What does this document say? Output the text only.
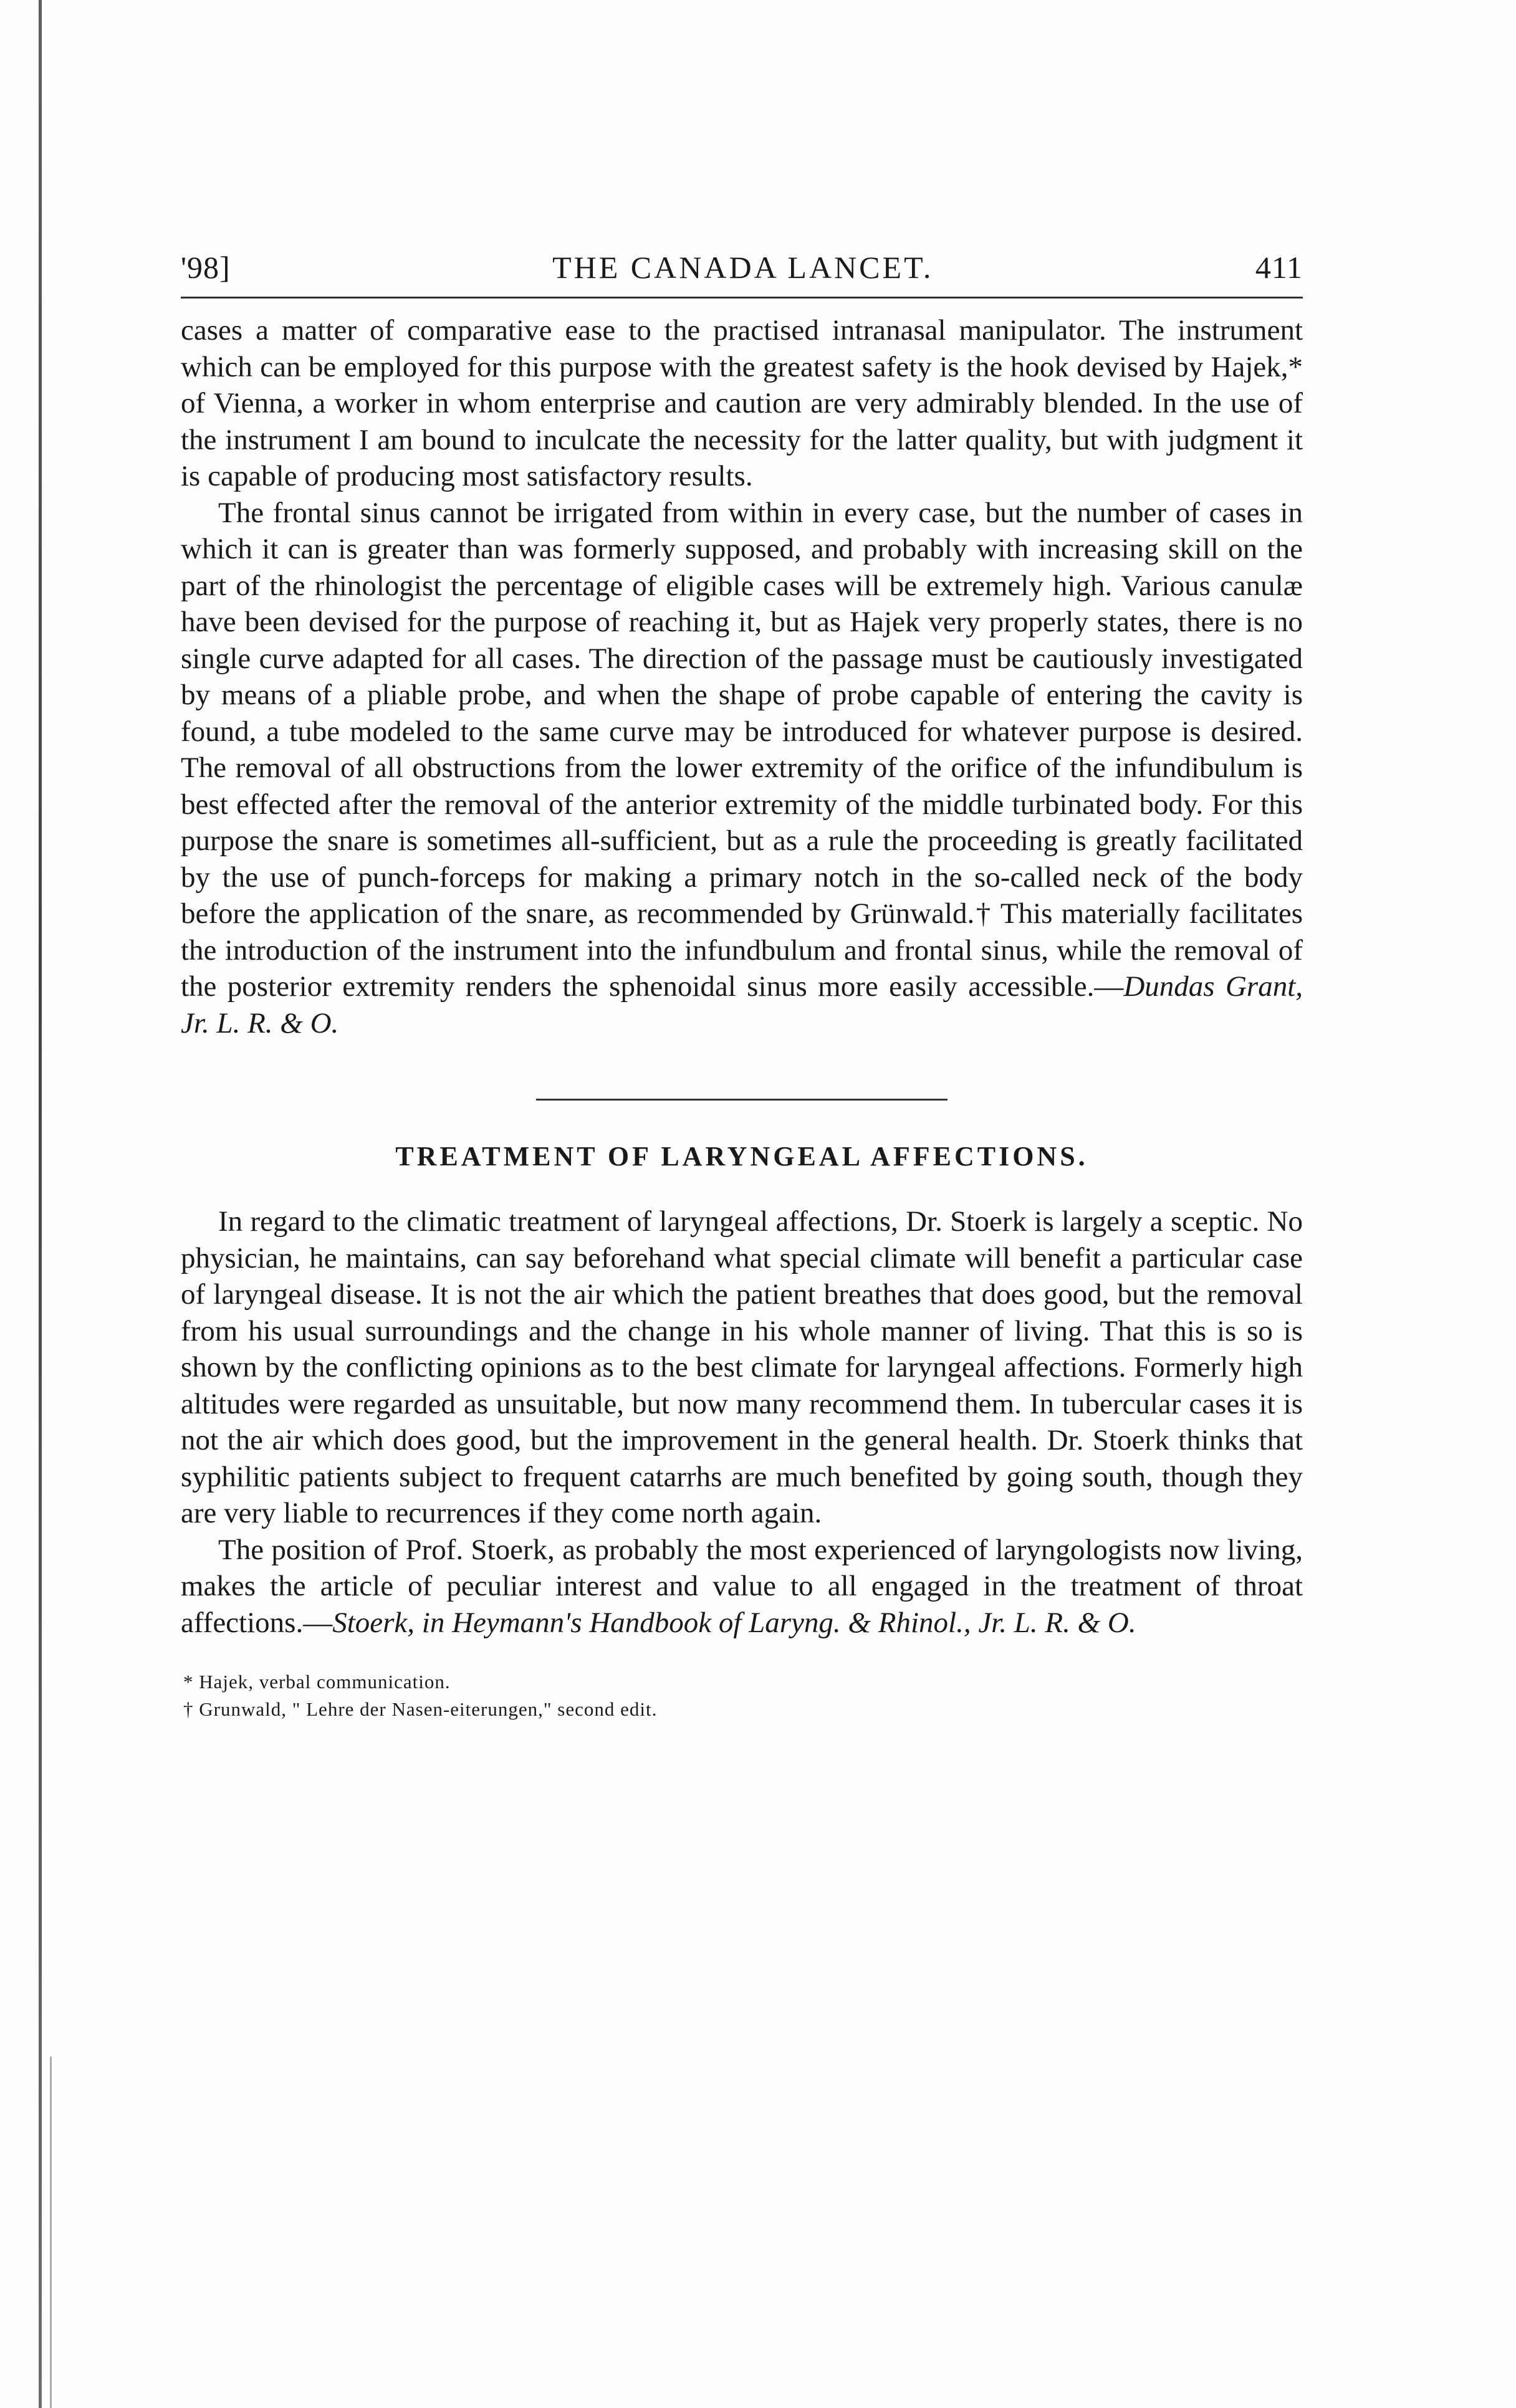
'98]	THE CANADA LANCET.	411

cases a matter of comparative ease to the practised intranasal manipulator. The instrument which can be employed for this purpose with the greatest safety is the hook devised by Hajek,* of Vienna, a worker in whom enterprise and caution are very admirably blended. In the use of the instrument I am bound to inculcate the necessity for the latter quality, but with judgment it is capable of producing most satisfactory results.

The frontal sinus cannot be irrigated from within in every case, but the number of cases in which it can is greater than was formerly supposed, and probably with increasing skill on the part of the rhinologist the percentage of eligible cases will be extremely high. Various canulæ have been devised for the purpose of reaching it, but as Hajek very properly states, there is no single curve adapted for all cases. The direction of the passage must be cautiously investigated by means of a pliable probe, and when the shape of probe capable of entering the cavity is found, a tube modeled to the same curve may be introduced for whatever purpose is desired. The removal of all obstructions from the lower extremity of the orifice of the infundibulum is best effected after the removal of the anterior extremity of the middle turbinated body. For this purpose the snare is sometimes all-sufficient, but as a rule the proceeding is greatly facilitated by the use of punch-forceps for making a primary notch in the so-called neck of the body before the application of the snare, as recommended by Grünwald.† This materially facilitates the introduction of the instrument into the infundbulum and frontal sinus, while the removal of the posterior extremity renders the sphenoidal sinus more easily accessible.—Dundas Grant, Jr. L. R. & O.

TREATMENT OF LARYNGEAL AFFECTIONS.

In regard to the climatic treatment of laryngeal affections, Dr. Stoerk is largely a sceptic. No physician, he maintains, can say beforehand what special climate will benefit a particular case of laryngeal disease. It is not the air which the patient breathes that does good, but the removal from his usual surroundings and the change in his whole manner of living. That this is so is shown by the conflicting opinions as to the best climate for laryngeal affections. Formerly high altitudes were regarded as unsuitable, but now many recommend them. In tubercular cases it is not the air which does good, but the improvement in the general health. Dr. Stoerk thinks that syphilitic patients subject to frequent catarrhs are much benefited by going south, though they are very liable to recurrences if they come north again.

The position of Prof. Stoerk, as probably the most experienced of laryngologists now living, makes the article of peculiar interest and value to all engaged in the treatment of throat affections.—Stoerk, in Heymann's Handbook of Laryng. & Rhinol., Jr. L. R. & O.

* Hajek, verbal communication.

† Grunwald, " Lehre der Nasen-eiterungen," second edit.
